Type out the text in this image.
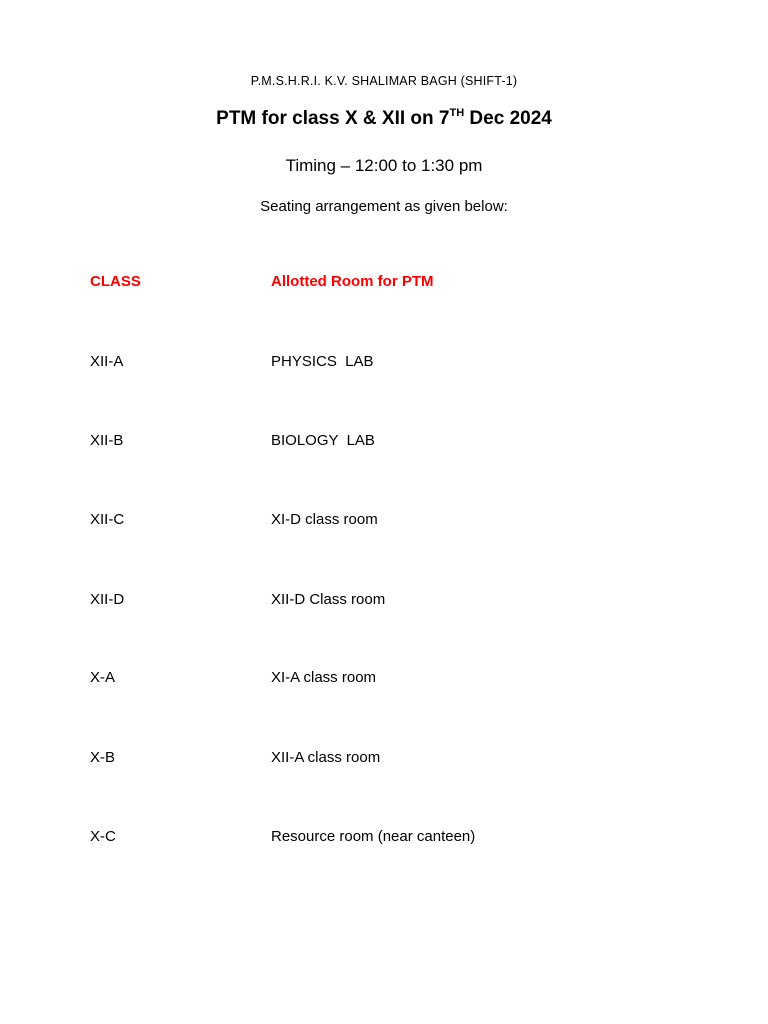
P.M.S.H.R.I. K.V. SHALIMAR BAGH (SHIFT-1)
PTM for class X & XII on 7TH Dec 2024
Timing – 12:00 to 1:30 pm
Seating arrangement as given below:
CLASS	Allotted Room for PTM
XII-A	PHYSICS  LAB
XII-B	BIOLOGY  LAB
XII-C	XI-D class room
XII-D	XII-D Class room
X-A	XI-A class room
X-B	XII-A class room
X-C	Resource room (near canteen)
